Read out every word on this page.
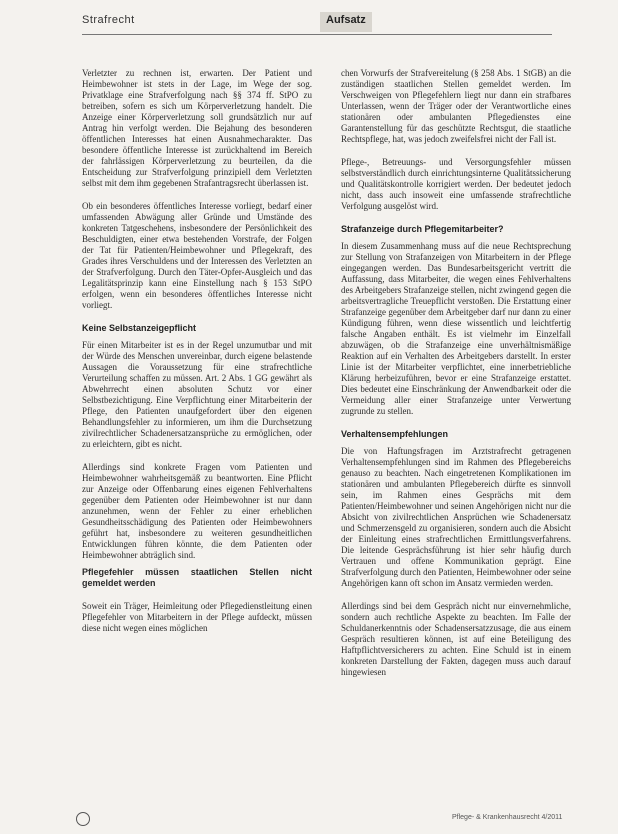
Strafrecht	Aufsatz

Verletzter zu rechnen ist, erwarten. Der Patient und Heimbewohner ist stets in der Lage, im Wege der sog. Privatklage eine Strafverfolgung nach §§ 374 ff. StPO zu betreiben, sofern es sich um Körperverletzung handelt. Die Anzeige einer Körperverletzung soll grundsätzlich nur auf Antrag hin verfolgt werden. Die Bejahung des besonderen öffentlichen Interesses hat einen Ausnahmecharakter. Das besondere öffentliche Interesse ist zurückhaltend im Bereich der fahrlässigen Körperverletzung zu beurteilen, da die Entscheidung zur Strafverfolgung prinzipiell dem Verletzten selbst mit dem ihm gegebenen Strafantragsrecht überlassen ist.

Ob ein besonderes öffentliches Interesse vorliegt, bedarf einer umfassenden Abwägung aller Gründe und Umstände des konkreten Tatgeschehens, insbesondere der Persönlichkeit des Beschuldigten, einer etwa bestehenden Vorstrafe, der Folgen der Tat für Patienten/Heimbewohner und Pflegekraft, des Grades ihres Verschuldens und der Interessen des Verletzten an der Strafverfolgung. Durch den Täter-Opfer-Ausgleich und das Legalitätsprinzip kann eine Einstellung nach § 153 StPO erfolgen, wenn ein besonderes öffentliches Interesse nicht vorliegt.

Keine Selbstanzeigepflicht

Für einen Mitarbeiter ist es in der Regel unzumutbar und mit der Würde des Menschen unvereinbar, durch eigene belastende Aussagen die Voraussetzung für eine strafrechtliche Verurteilung schaffen zu müssen. Art. 2 Abs. 1 GG gewährt als Abwehrrecht einen absoluten Schutz vor einer Selbstbezichtigung. Eine Verpflichtung einer Mitarbeiterin der Pflege, den Patienten unaufgefordert über den eigenen Behandlungsfehler zu informieren, um ihm die Durchsetzung zivilrechtlicher Schadenersatzansprüche zu ermöglichen, oder zu erleichtern, gibt es nicht.

Allerdings sind konkrete Fragen vom Patienten und Heimbewohner wahrheitsgemäß zu beantworten. Eine Pflicht zur Anzeige oder Offenbarung eines eigenen Fehlverhaltens gegenüber dem Patienten oder Heimbewohner ist nur dann anzunehmen, wenn der Fehler zu einer erheblichen Gesundheitsschädigung des Patienten oder Heimbewohners geführt hat, insbesondere zu weiteren gesundheitlichen Entwicklungen führen könnte, die dem Patienten oder Heimbewohner abträglich sind.

Pflegefehler müssen staatlichen Stellen nicht gemeldet werden

Soweit ein Träger, Heimleitung oder Pflegedienstleitung einen Pflegefehler von Mitarbeitern in der Pflege aufdeckt, müssen diese nicht wegen eines möglichen

chen Vorwurfs der Strafvereitelung (§ 258 Abs. 1 StGB) an die zuständigen staatlichen Stellen gemeldet werden. Im Verschweigen von Pflegefehlern liegt nur dann ein strafbares Unterlassen, wenn der Träger oder der Verantwortliche eines stationären oder ambulanten Pflegedienstes eine Garantenstellung für das geschützte Rechtsgut, die staatliche Rechtspflege, hat, was jedoch zweifelsfrei nicht der Fall ist.

Pflege-, Betreuungs- und Versorgungsfehler müssen selbstverständlich durch einrichtungsinterne Qualitätssicherung und Qualitätskontrolle korrigiert werden. Der bedeutet jedoch nicht, dass auch insoweit eine umfassende strafrechtliche Verfolgung ausgelöst wird.

Strafanzeige durch Pflegemitarbeiter?

In diesem Zusammenhang muss auf die neue Rechtsprechung zur Stellung von Strafanzeigen von Mitarbeitern in der Pflege eingegangen werden. Das Bundesarbeitsgericht vertritt die Auffassung, dass Mitarbeiter, die wegen eines Fehlverhaltens des Arbeitgebers Strafanzeige stellen, nicht zwingend gegen die arbeitsvertragliche Treuepflicht verstoßen. Die Erstattung einer Strafanzeige gegenüber dem Arbeitgeber darf nur dann zu einer Kündigung führen, wenn diese wissentlich und leichtfertig falsche Angaben enthält. Es ist vielmehr im Einzelfall abzuwägen, ob die Strafanzeige eine unverhältnismäßige Reaktion auf ein Verhalten des Arbeitgebers darstellt. In erster Linie ist der Mitarbeiter verpflichtet, eine innerbetriebliche Klärung herbeizuführen, bevor er eine Strafanzeige erstattet. Dies bedeutet eine Einschränkung der Anwendbarkeit oder die Vermeidung aller einer Strafanzeige unter Verwertung zugrunde zu stellen.

Verhaltensempfehlungen

Die von Haftungsfragen im Arztstrafrecht getragenen Verhaltensempfehlungen sind im Rahmen des Pflegebereichs genauso zu beachten. Nach eingetretenen Komplikationen im stationären und ambulanten Pflegebereich dürfte es sinnvoll sein, im Rahmen eines Gesprächs mit dem Patienten/Heimbewohner und seinen Angehörigen nicht nur die Absicht von zivilrechtlichen Ansprüchen wie Schadenersatz und Schmerzensgeld zu organisieren, sondern auch die Absicht der Einleitung eines strafrechtlichen Ermittlungsverfahrens. Die leitende Gesprächsführung ist hier sehr häufig durch Vertrauen und offene Kommunikation geprägt. Eine Strafverfolgung durch den Patienten, Heimbewohner oder seine Angehörigen kann oft schon im Ansatz vermieden werden.

Allerdings sind bei dem Gespräch nicht nur einvernehmliche, sondern auch rechtliche Aspekte zu beachten. Im Falle der Schuldanerkenntnis oder Schadensersatzzusage, die aus einem Gespräch resultieren können, ist auf eine Beteiligung des Haftpflichtversicherers zu achten. Eine Schuld ist in einem konkreten Darstellung der Fakten, dagegen muss auch darauf hingewiesen

Pflege- & Krankenhausrecht 4/2011
